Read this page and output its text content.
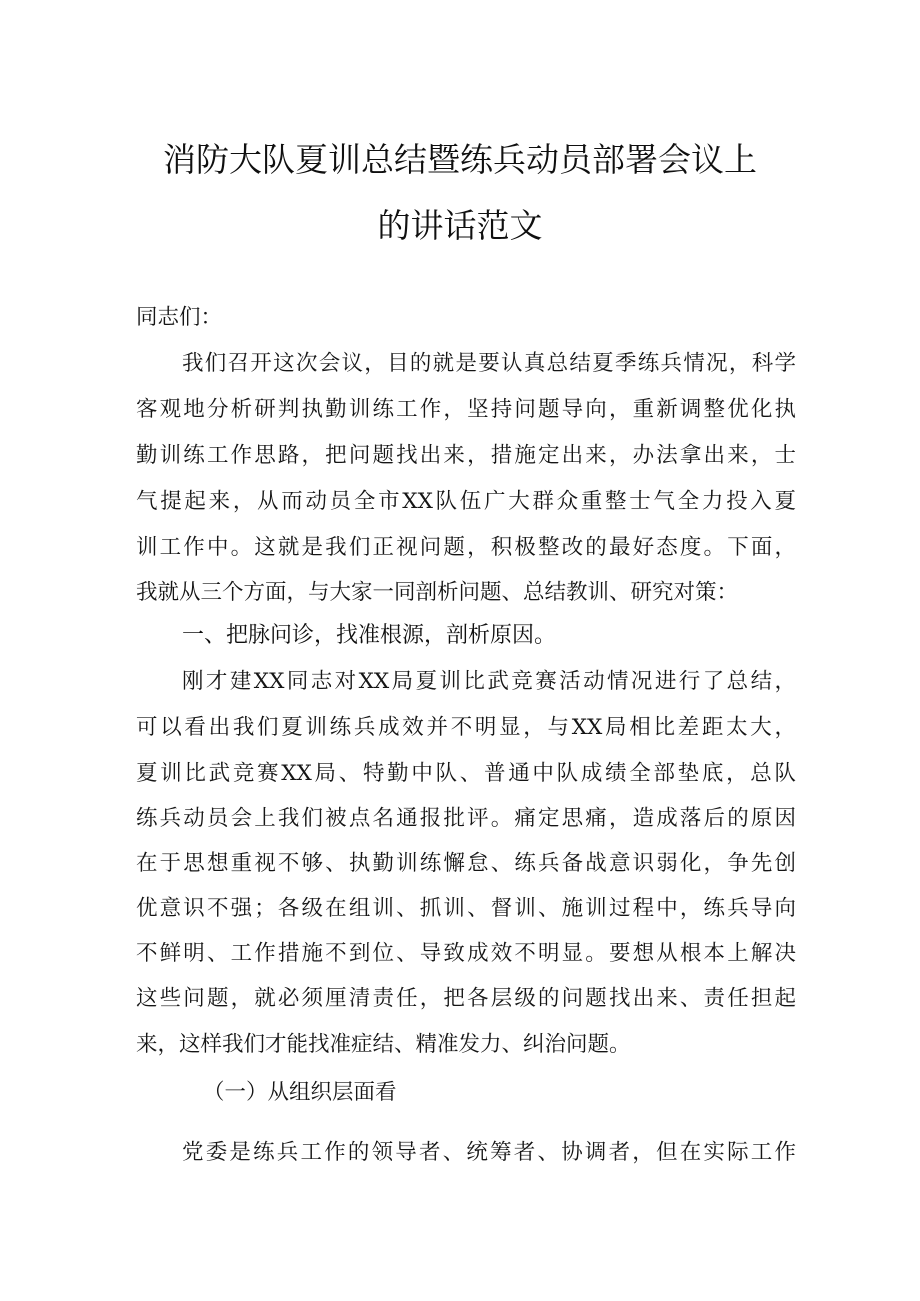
消防大队夏训总结暨练兵动员部署会议上
的讲话范文
同志们：
我们召开这次会议，目的就是要认真总结夏季练兵情况，科学
客观地分析研判执勤训练工作，坚持问题导向，重新调整优化执
勤训练工作思路，把问题找出来，措施定出来，办法拿出来，士
气提起来，从而动员全市XX队伍广大群众重整士气全力投入夏
训工作中。这就是我们正视问题，积极整改的最好态度。下面，
我就从三个方面，与大家一同剖析问题、总结教训、研究对策：
一、把脉问诊，找准根源，剖析原因。
刚才建XX同志对XX局夏训比武竞赛活动情况进行了总结，
可以看出我们夏训练兵成效并不明显，与XX局相比差距太大，
夏训比武竞赛XX局、特勤中队、普通中队成绩全部垫底，总队
练兵动员会上我们被点名通报批评。痛定思痛，造成落后的原因
在于思想重视不够、执勤训练懈怠、练兵备战意识弱化，争先创
优意识不强；各级在组训、抓训、督训、施训过程中，练兵导向
不鲜明、工作措施不到位、导致成效不明显。要想从根本上解决
这些问题，就必须厘清责任，把各层级的问题找出来、责任担起
来，这样我们才能找准症结、精准发力、纠治问题。
（一）从组织层面看
党委是练兵工作的领导者、统筹者、协调者，但在实际工作
